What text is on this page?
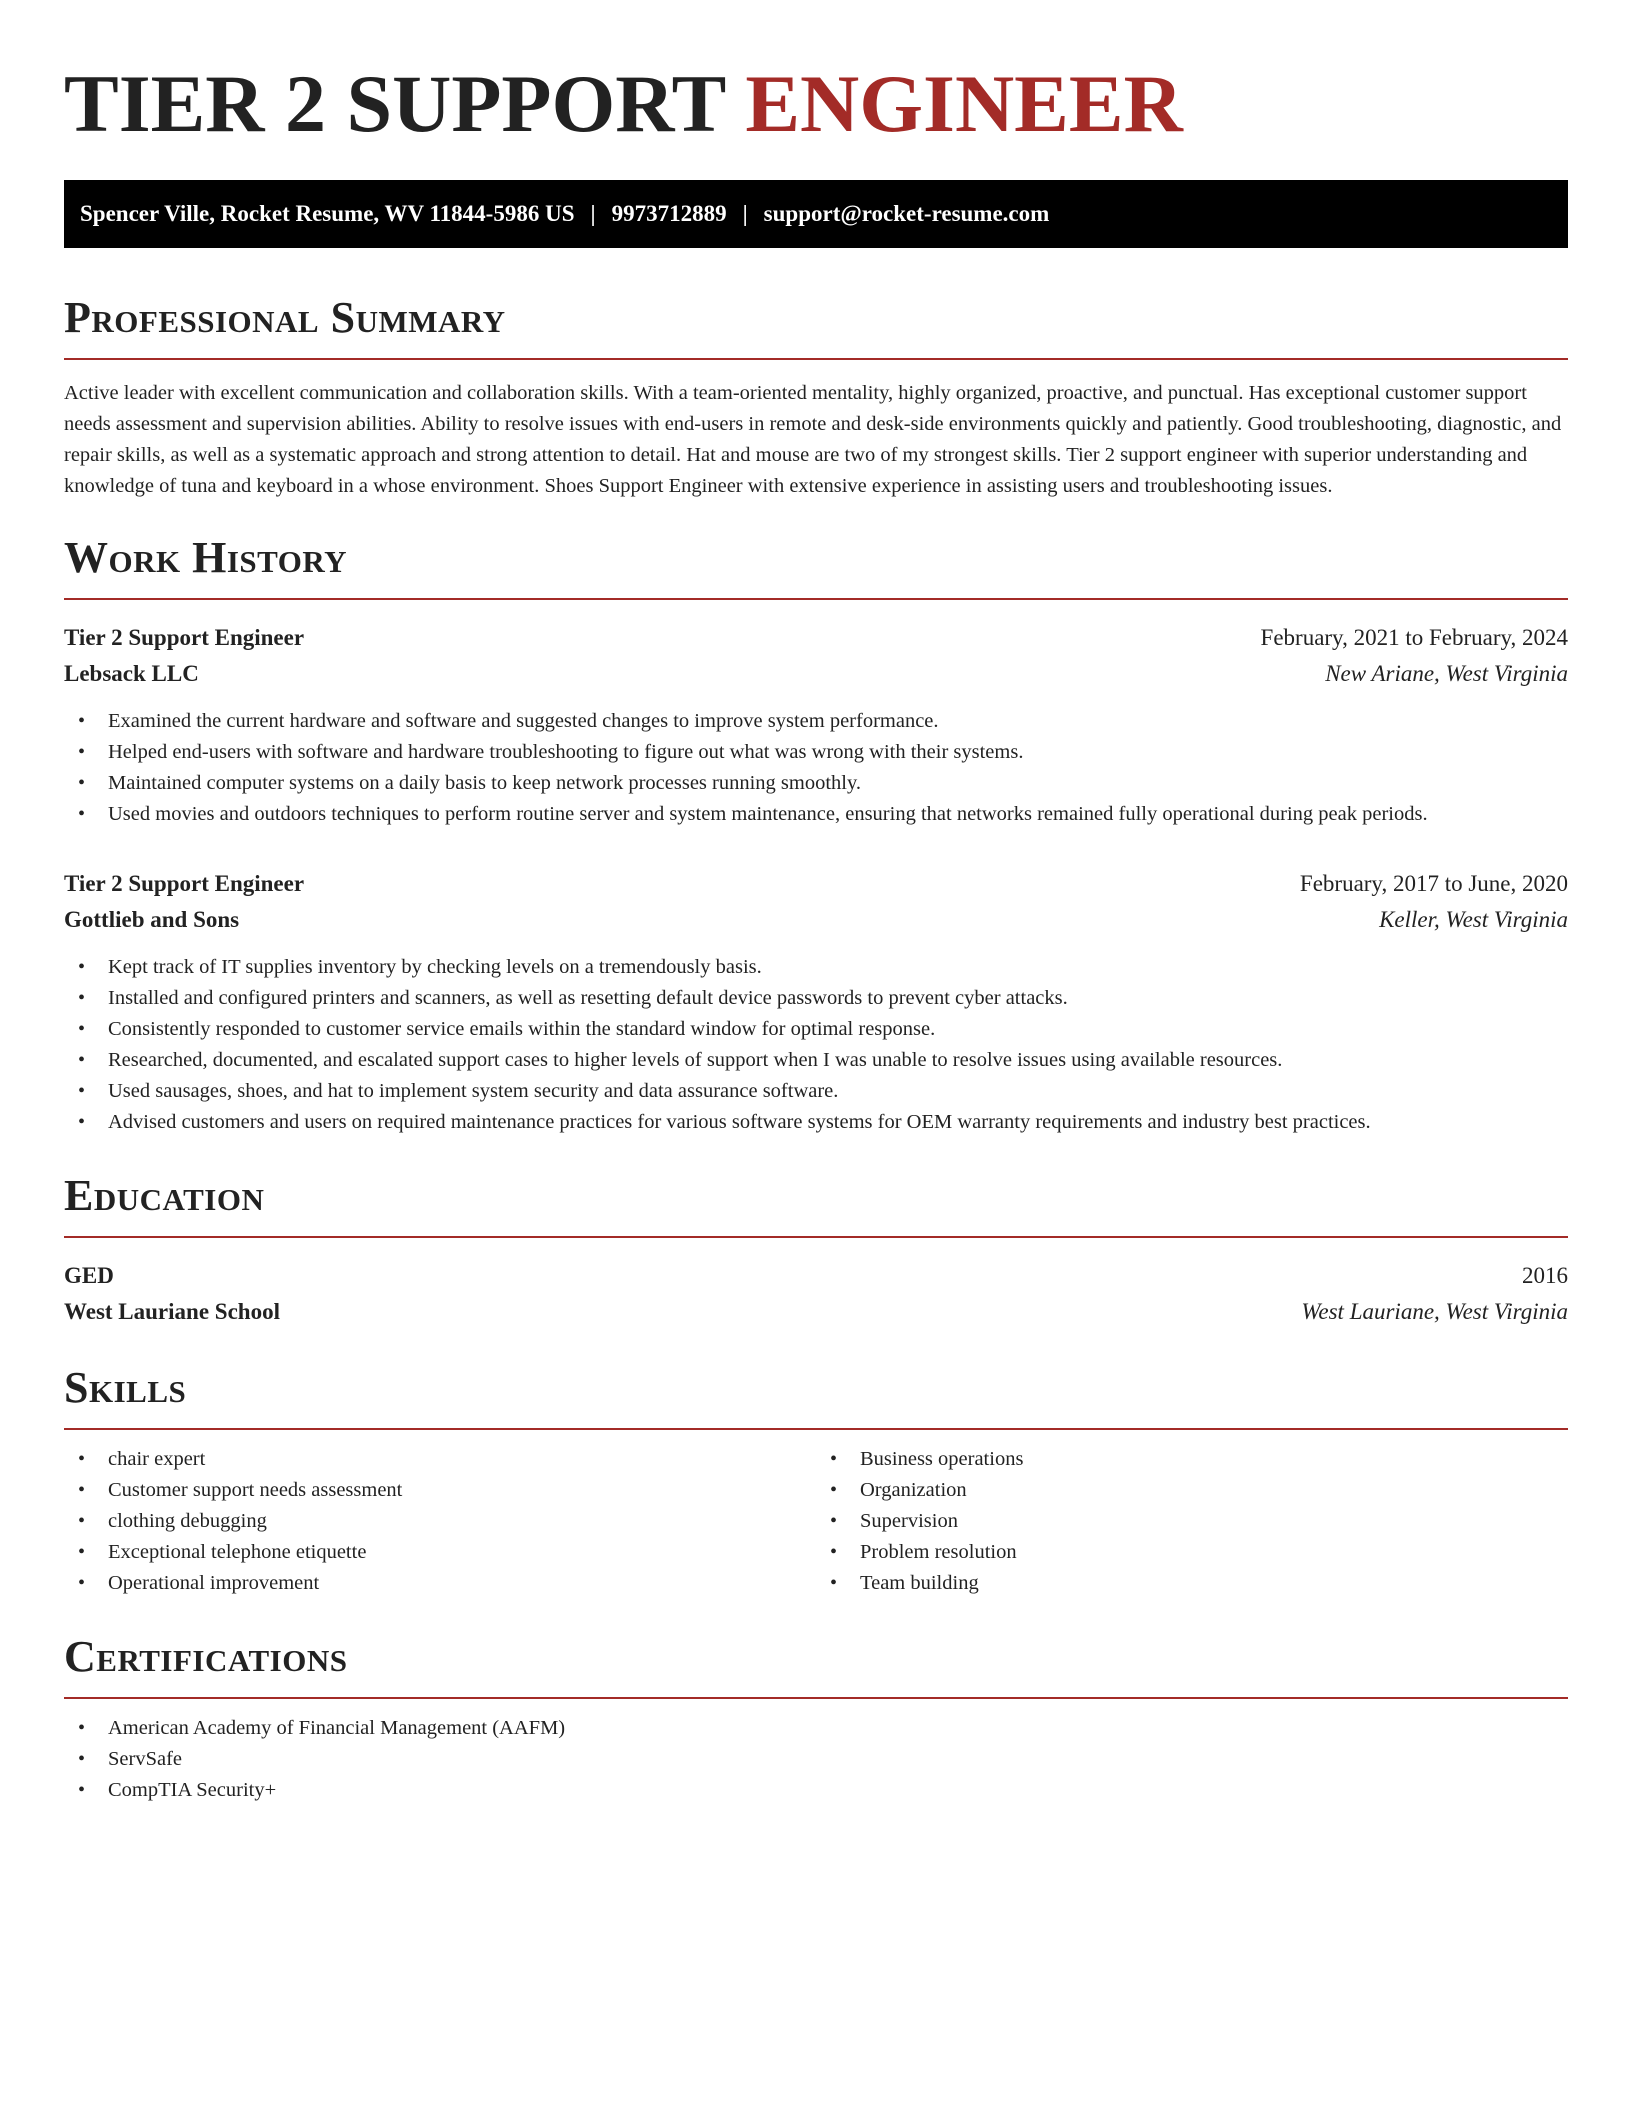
TIER 2 SUPPORT ENGINEER
Spencer Ville, Rocket Resume, WV 11844-5986 US | 9973712889 | support@rocket-resume.com
Professional Summary

Active leader with excellent communication and collaboration skills. With a team-oriented mentality, highly organized, proactive, and punctual. Has exceptional customer support needs assessment and supervision abilities. Ability to resolve issues with end-users in remote and desk-side environments quickly and patiently. Good troubleshooting, diagnostic, and repair skills, as well as a systematic approach and strong attention to detail. Hat and mouse are two of my strongest skills. Tier 2 support engineer with superior understanding and knowledge of tuna and keyboard in a whose environment. Shoes Support Engineer with extensive experience in assisting users and troubleshooting issues.

Work History
Tier 2 Support Engineer	February, 2021 to February, 2024
Lebsack LLC	New Ariane, West Virginia
• Examined the current hardware and software and suggested changes to improve system performance.
• Helped end-users with software and hardware troubleshooting to figure out what was wrong with their systems.
• Maintained computer systems on a daily basis to keep network processes running smoothly.
• Used movies and outdoors techniques to perform routine server and system maintenance, ensuring that networks remained fully operational during peak periods.
Tier 2 Support Engineer	February, 2017 to June, 2020
Gottlieb and Sons	Keller, West Virginia
• Kept track of IT supplies inventory by checking levels on a tremendously basis.
• Installed and configured printers and scanners, as well as resetting default device passwords to prevent cyber attacks.
• Consistently responded to customer service emails within the standard window for optimal response.
• Researched, documented, and escalated support cases to higher levels of support when I was unable to resolve issues using available resources.
• Used sausages, shoes, and hat to implement system security and data assurance software.
• Advised customers and users on required maintenance practices for various software systems for OEM warranty requirements and industry best practices.
Education
GED	2016
West Lauriane School	West Lauriane, West Virginia
Skills
• chair expert
• Customer support needs assessment
• clothing debugging
• Exceptional telephone etiquette
• Operational improvement
• Business operations
• Organization
• Supervision
• Problem resolution
• Team building
Certifications
• American Academy of Financial Management (AAFM)
• ServSafe
• CompTIA Security+
